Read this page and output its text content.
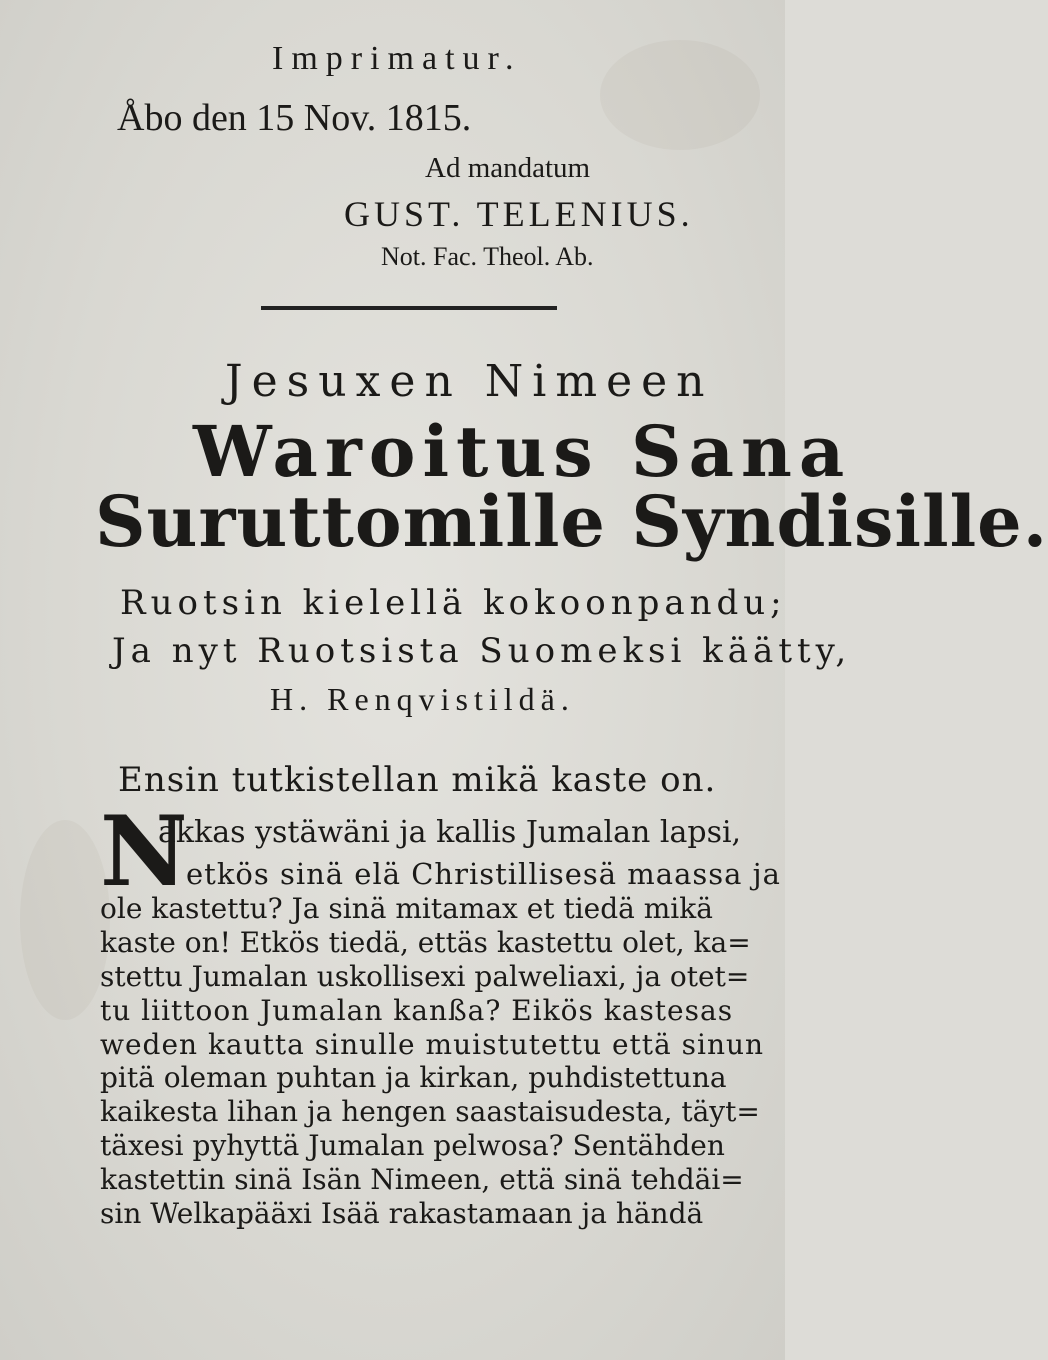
Imprimatur.
Åbo den 15 Nov. 1815.
Ad mandatum
GUST. TELENIUS.
Not. Fac. Theol. Ab.
Jesuxen Nimeen
Waroitus Sana
Suruttomille Syndisille.
Ruotsin kielellä kokoonpandu;
Ja nyt Ruotsista Suomeksi käätty,
H. Renqvistildä.
Ensin tutkistellan mikä kaste on.
N
akkas ystäwäni ja kallis Jumalan lapsi,
etkös sinä elä Christillisesä maassa ja
ole kastettu? Ja sinä mitamax et tiedä mikä
kaste on! Etkös tiedä, ettäs kastettu olet, ka=
stettu Jumalan uskollisexi palweliaxi, ja otet=
tu liittoon Jumalan kanßa? Eikös kastesas
weden kautta sinulle muistutettu että sinun
pitä oleman puhtan ja kirkan, puhdistettuna
kaikesta lihan ja hengen saastaisudesta, täyt=
täxesi pyhyttä Jumalan pelwosa? Sentähden
kastettin sinä Isän Nimeen, että sinä tehdäi=
sin Welkapääxi Isää rakastamaan ja händä
